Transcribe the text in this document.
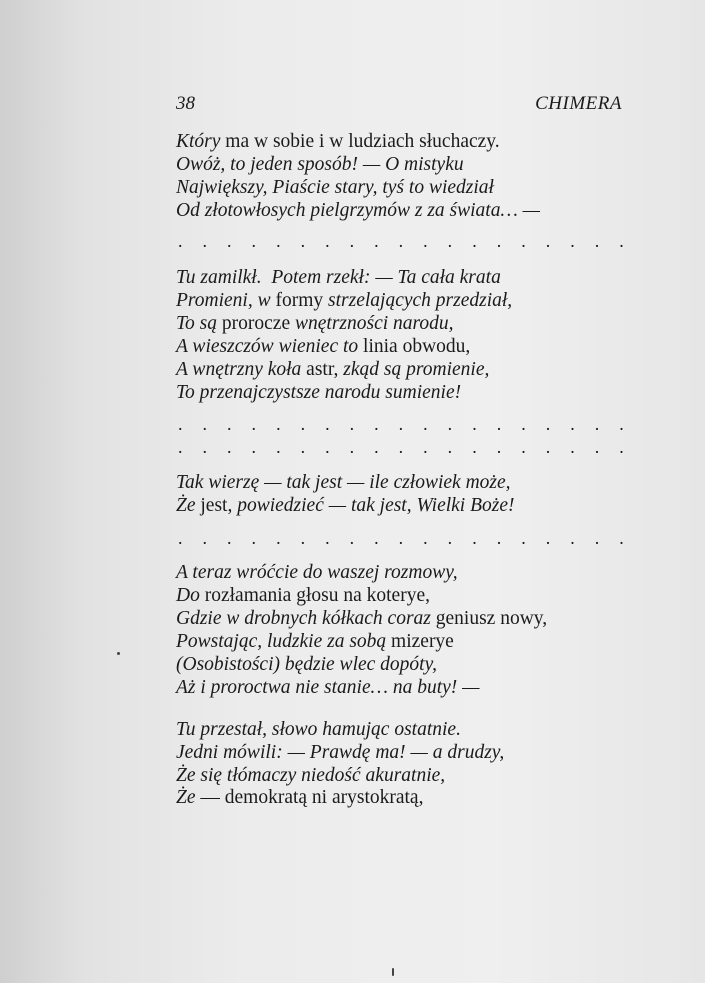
38	CHIMERA
Który ma w sobie i w ludziach słuchaczy.
Owóż, to jeden sposób! — O mistyku
Największy, Piaście stary, tyś to wiedział
Od złotowłosych pielgrzymów z za świata… —
. . . . . . . . . . . . . . . . . . .
Tu zamilkł.  Potem rzekł: — Ta cała krata
Promieni, w formy strzelających przedział,
To są prorocze wnętrzności narodu,
A wieszczów wieniec to linia obwodu,
A wnętrzny koła astr, zkąd są promienie,
To przenajczystsze narodu sumienie!
. . . . . . . . . . . . . . . . . . .
. . . . . . . . . . . . . . . . . . .
Tak wierzę — tak jest — ile człowiek może,
Że jest, powiedzieć — tak jest, Wielki Boże!
. . . . . . . . . . . . . . . . . . .
A teraz wróćcie do waszej rozmowy,
Do rozłamania głosu na koterye,
Gdzie w drobnych kółkach coraz geniusz nowy,
Powstając, ludzkie za sobą mizerye
(Osobistości) będzie wlec dopóty,
Aż i proroctwa nie stanie… na buty! —
Tu przestał, słowo hamując ostatnie.
Jedni mówili: — Prawdę ma! — a drudzy,
Że się tłómaczy niedość akuratnie,
Że — demokratą ni arystokratą,
